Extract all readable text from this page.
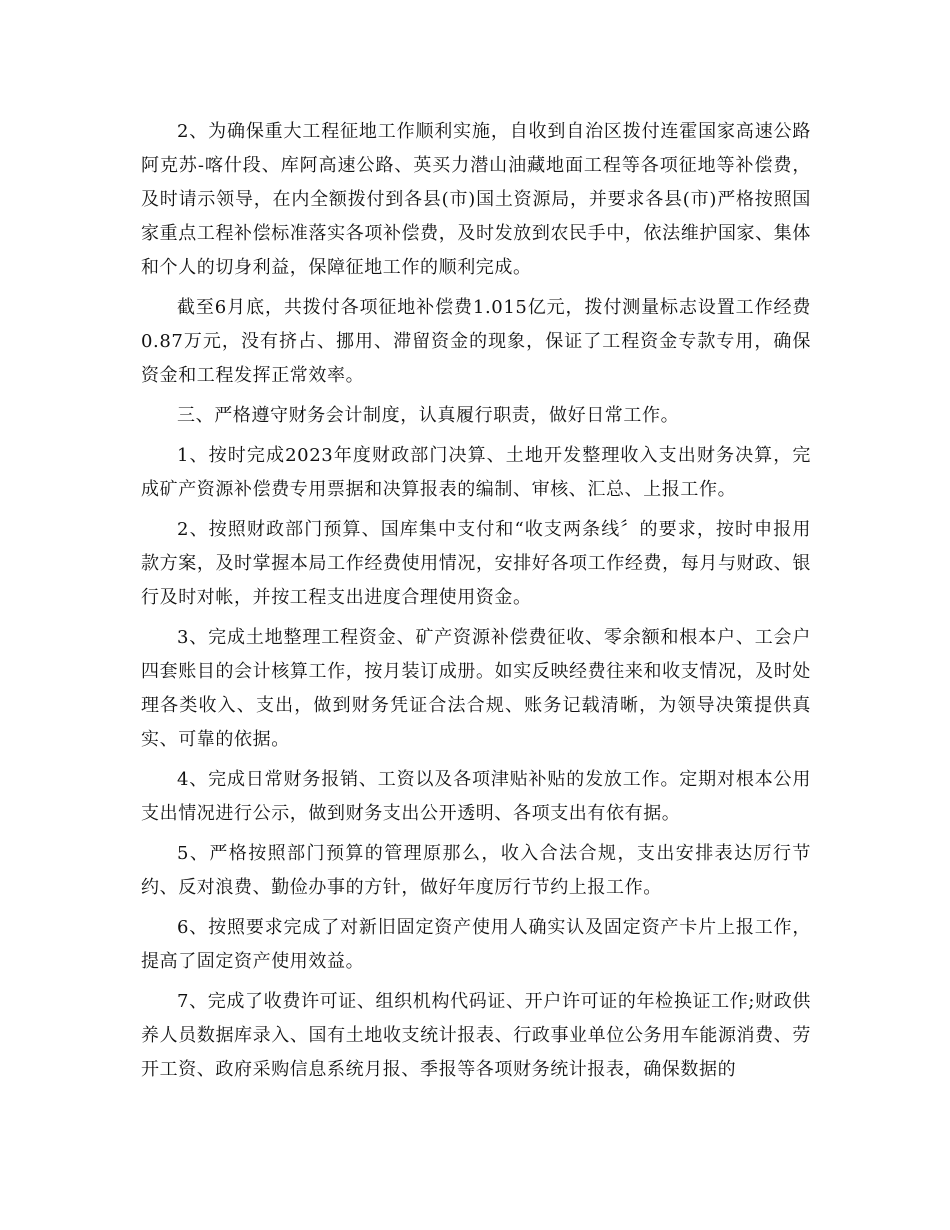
2、为确保重大工程征地工作顺利实施，自收到自治区拨付连霍国家高速公路阿克苏-喀什段、库阿高速公路、英买力潜山油藏地面工程等各项征地等补偿费，及时请示领导，在内全额拨付到各县(市)国土资源局，并要求各县(市)严格按照国家重点工程补偿标准落实各项补偿费，及时发放到农民手中，依法维护国家、集体和个人的切身利益，保障征地工作的顺利完成。

截至6月底，共拨付各项征地补偿费1.015亿元，拨付测量标志设置工作经费0.87万元，没有挤占、挪用、滞留资金的现象，保证了工程资金专款专用，确保资金和工程发挥正常效率。

三、严格遵守财务会计制度，认真履行职责，做好日常工作。

1、按时完成2023年度财政部门决算、土地开发整理收入支出财务决算，完成矿产资源补偿费专用票据和决算报表的编制、审核、汇总、上报工作。

2、按照财政部门预算、国库集中支付和“收支两条线〞的要求，按时申报用款方案，及时掌握本局工作经费使用情况，安排好各项工作经费，每月与财政、银行及时对帐，并按工程支出进度合理使用资金。

3、完成土地整理工程资金、矿产资源补偿费征收、零余额和根本户、工会户四套账目的会计核算工作，按月装订成册。如实反映经费往来和收支情况，及时处理各类收入、支出，做到财务凭证合法合规、账务记载清晰，为领导决策提供真实、可靠的依据。

4、完成日常财务报销、工资以及各项津贴补贴的发放工作。定期对根本公用支出情况进行公示，做到财务支出公开透明、各项支出有依有据。

5、严格按照部门预算的管理原那么，收入合法合规，支出安排表达厉行节约、反对浪费、勤俭办事的方针，做好年度厉行节约上报工作。

6、按照要求完成了对新旧固定资产使用人确实认及固定资产卡片上报工作，提高了固定资产使用效益。

7、完成了收费许可证、组织机构代码证、开户许可证的年检换证工作;财政供养人员数据库录入、国有土地收支统计报表、行政事业单位公务用车能源消费、劳开工资、政府采购信息系统月报、季报等各项财务统计报表，确保数据的
